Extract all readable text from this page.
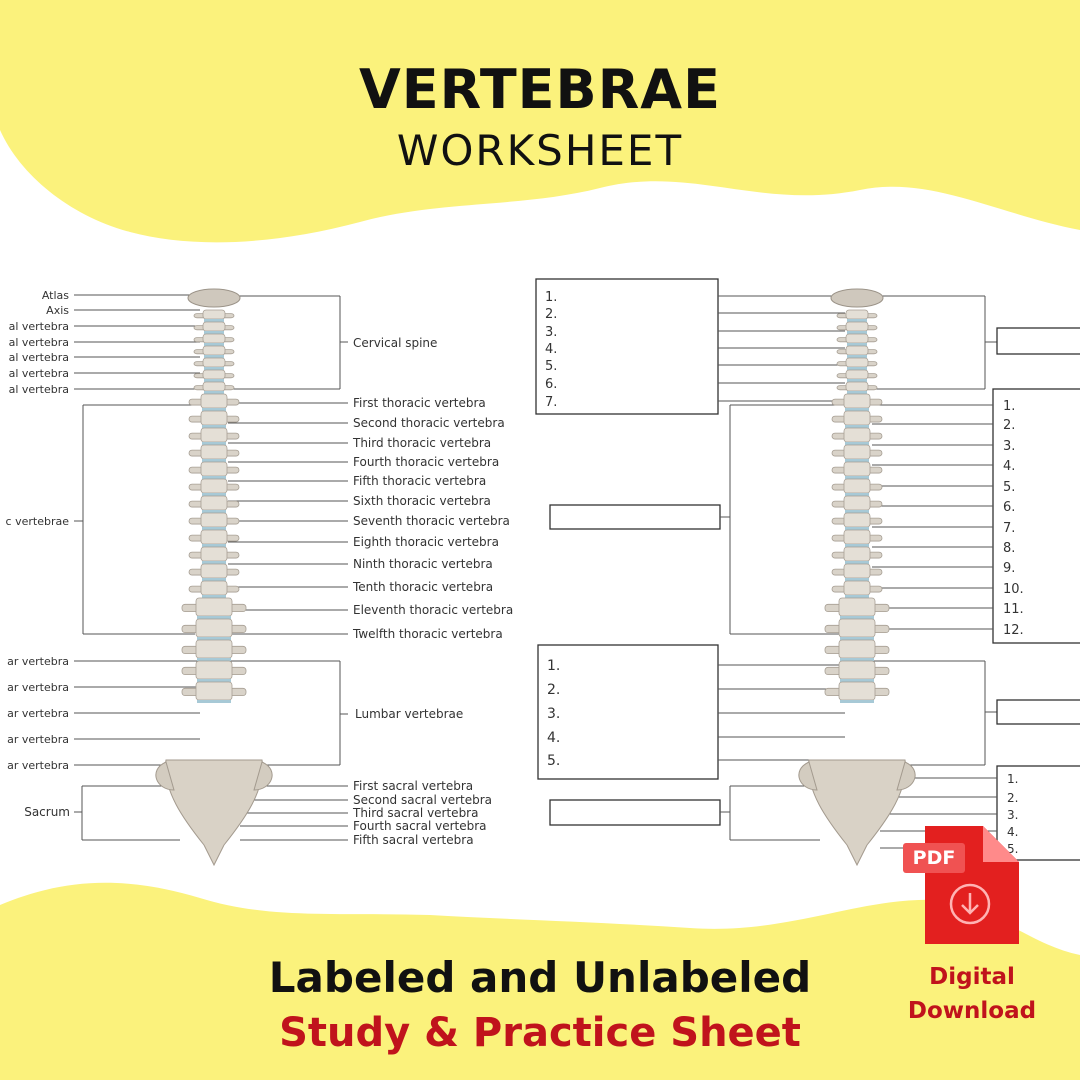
Atlas
Axis
al vertebra
al vertebra
al vertebra
al vertebra
al vertebra
Cervical spine
First thoracic vertebra
Second thoracic vertebra
Third thoracic vertebra
Fourth thoracic vertebra
Fifth thoracic vertebra
Sixth thoracic vertebra
Seventh thoracic vertebra
Eighth thoracic vertebra
Ninth thoracic vertebra
Tenth thoracic vertebra
Eleventh thoracic vertebra
Twelfth thoracic vertebra
c vertebrae
ar vertebra
ar vertebra
ar vertebra
ar vertebra
ar vertebra
Lumbar vertebrae
First sacral vertebra
Second sacral vertebra
Third sacral vertebra
Fourth sacral vertebra
Fifth sacral vertebra
Sacrum
1.
2.
3.
4.
5.
6.
7.	1.
2.
3.
4.
5.
6.
7.
8.
9.
10.
11.
12.
1.
2.
3.
4.
5.
1.
2.
3.
4.
5.
VERTEBRAE
WORKSHEET
PDF
Digital
Download
Labeled and Unlabeled
Study & Practice Sheet
